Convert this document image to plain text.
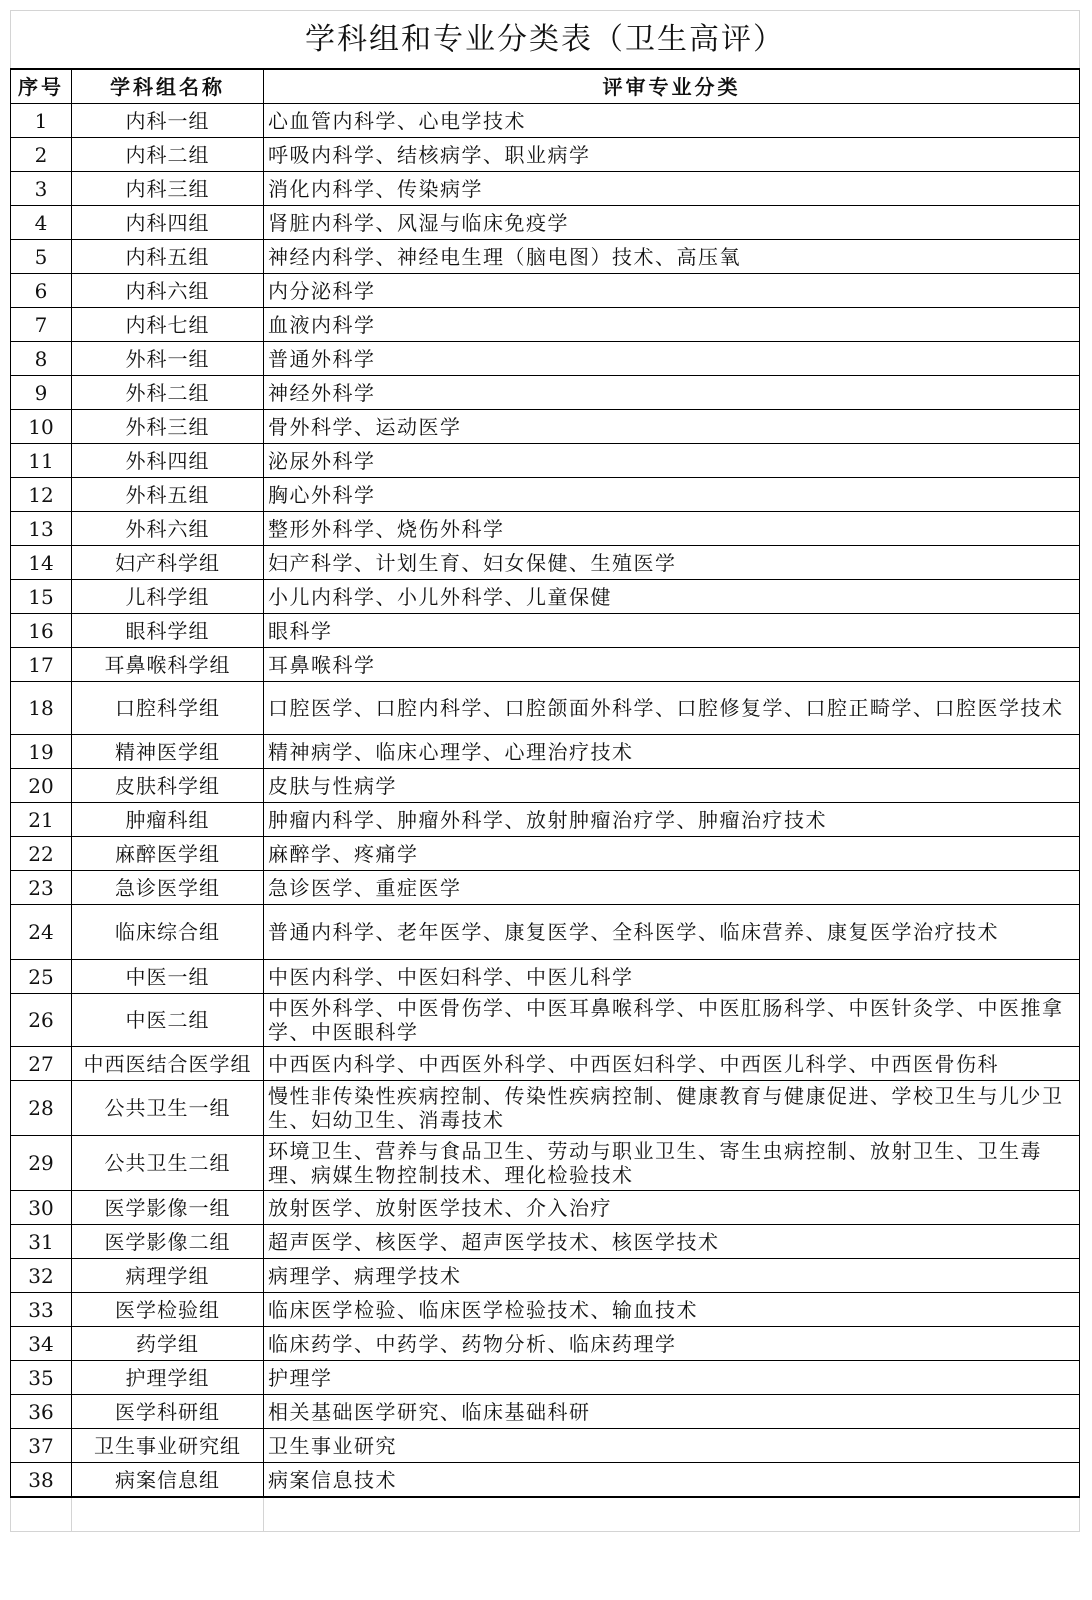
学科组和专业分类表（卫生高评）		
序号	学科组名称	评审专业分类
1	内科一组	心血管内科学、心电学技术
2	内科二组	呼吸内科学、结核病学、职业病学
3	内科三组	消化内科学、传染病学
4	内科四组	肾脏内科学、风湿与临床免疫学
5	内科五组	神经内科学、神经电生理（脑电图）技术、高压氧
6	内科六组	内分泌科学
7	内科七组	血液内科学
8	外科一组	普通外科学
9	外科二组	神经外科学
10	外科三组	骨外科学、运动医学
11	外科四组	泌尿外科学
12	外科五组	胸心外科学
13	外科六组	整形外科学、烧伤外科学
14	妇产科学组	妇产科学、计划生育、妇女保健、生殖医学
15	儿科学组	小儿内科学、小儿外科学、儿童保健
16	眼科学组	眼科学
17	耳鼻喉科学组	耳鼻喉科学
18	口腔科学组	口腔医学、口腔内科学、口腔颌面外科学、口腔修复学、口腔正畸学、口腔医学技术
19	精神医学组	精神病学、临床心理学、心理治疗技术
20	皮肤科学组	皮肤与性病学
21	肿瘤科组	肿瘤内科学、肿瘤外科学、放射肿瘤治疗学、肿瘤治疗技术
22	麻醉医学组	麻醉学、疼痛学
23	急诊医学组	急诊医学、重症医学
24	临床综合组	普通内科学、老年医学、康复医学、全科医学、临床营养、康复医学治疗技术
25	中医一组	中医内科学、中医妇科学、中医儿科学
26	中医二组	中医外科学、中医骨伤学、中医耳鼻喉科学、中医肛肠科学、中医针灸学、中医推拿学、中医眼科学
27	中西医结合医学组	中西医内科学、中西医外科学、中西医妇科学、中西医儿科学、中西医骨伤科
28	公共卫生一组	慢性非传染性疾病控制、传染性疾病控制、健康教育与健康促进、学校卫生与儿少卫生、妇幼卫生、消毒技术
29	公共卫生二组	环境卫生、营养与食品卫生、劳动与职业卫生、寄生虫病控制、放射卫生、卫生毒理、病媒生物控制技术、理化检验技术
30	医学影像一组	放射医学、放射医学技术、介入治疗
31	医学影像二组	超声医学、核医学、超声医学技术、核医学技术
32	病理学组	病理学、病理学技术
33	医学检验组	临床医学检验、临床医学检验技术、输血技术
34	药学组	临床药学、中药学、药物分析、临床药理学
35	护理学组	护理学
36	医学科研组	相关基础医学研究、临床基础科研
37	卫生事业研究组	卫生事业研究
38	病案信息组	病案信息技术
